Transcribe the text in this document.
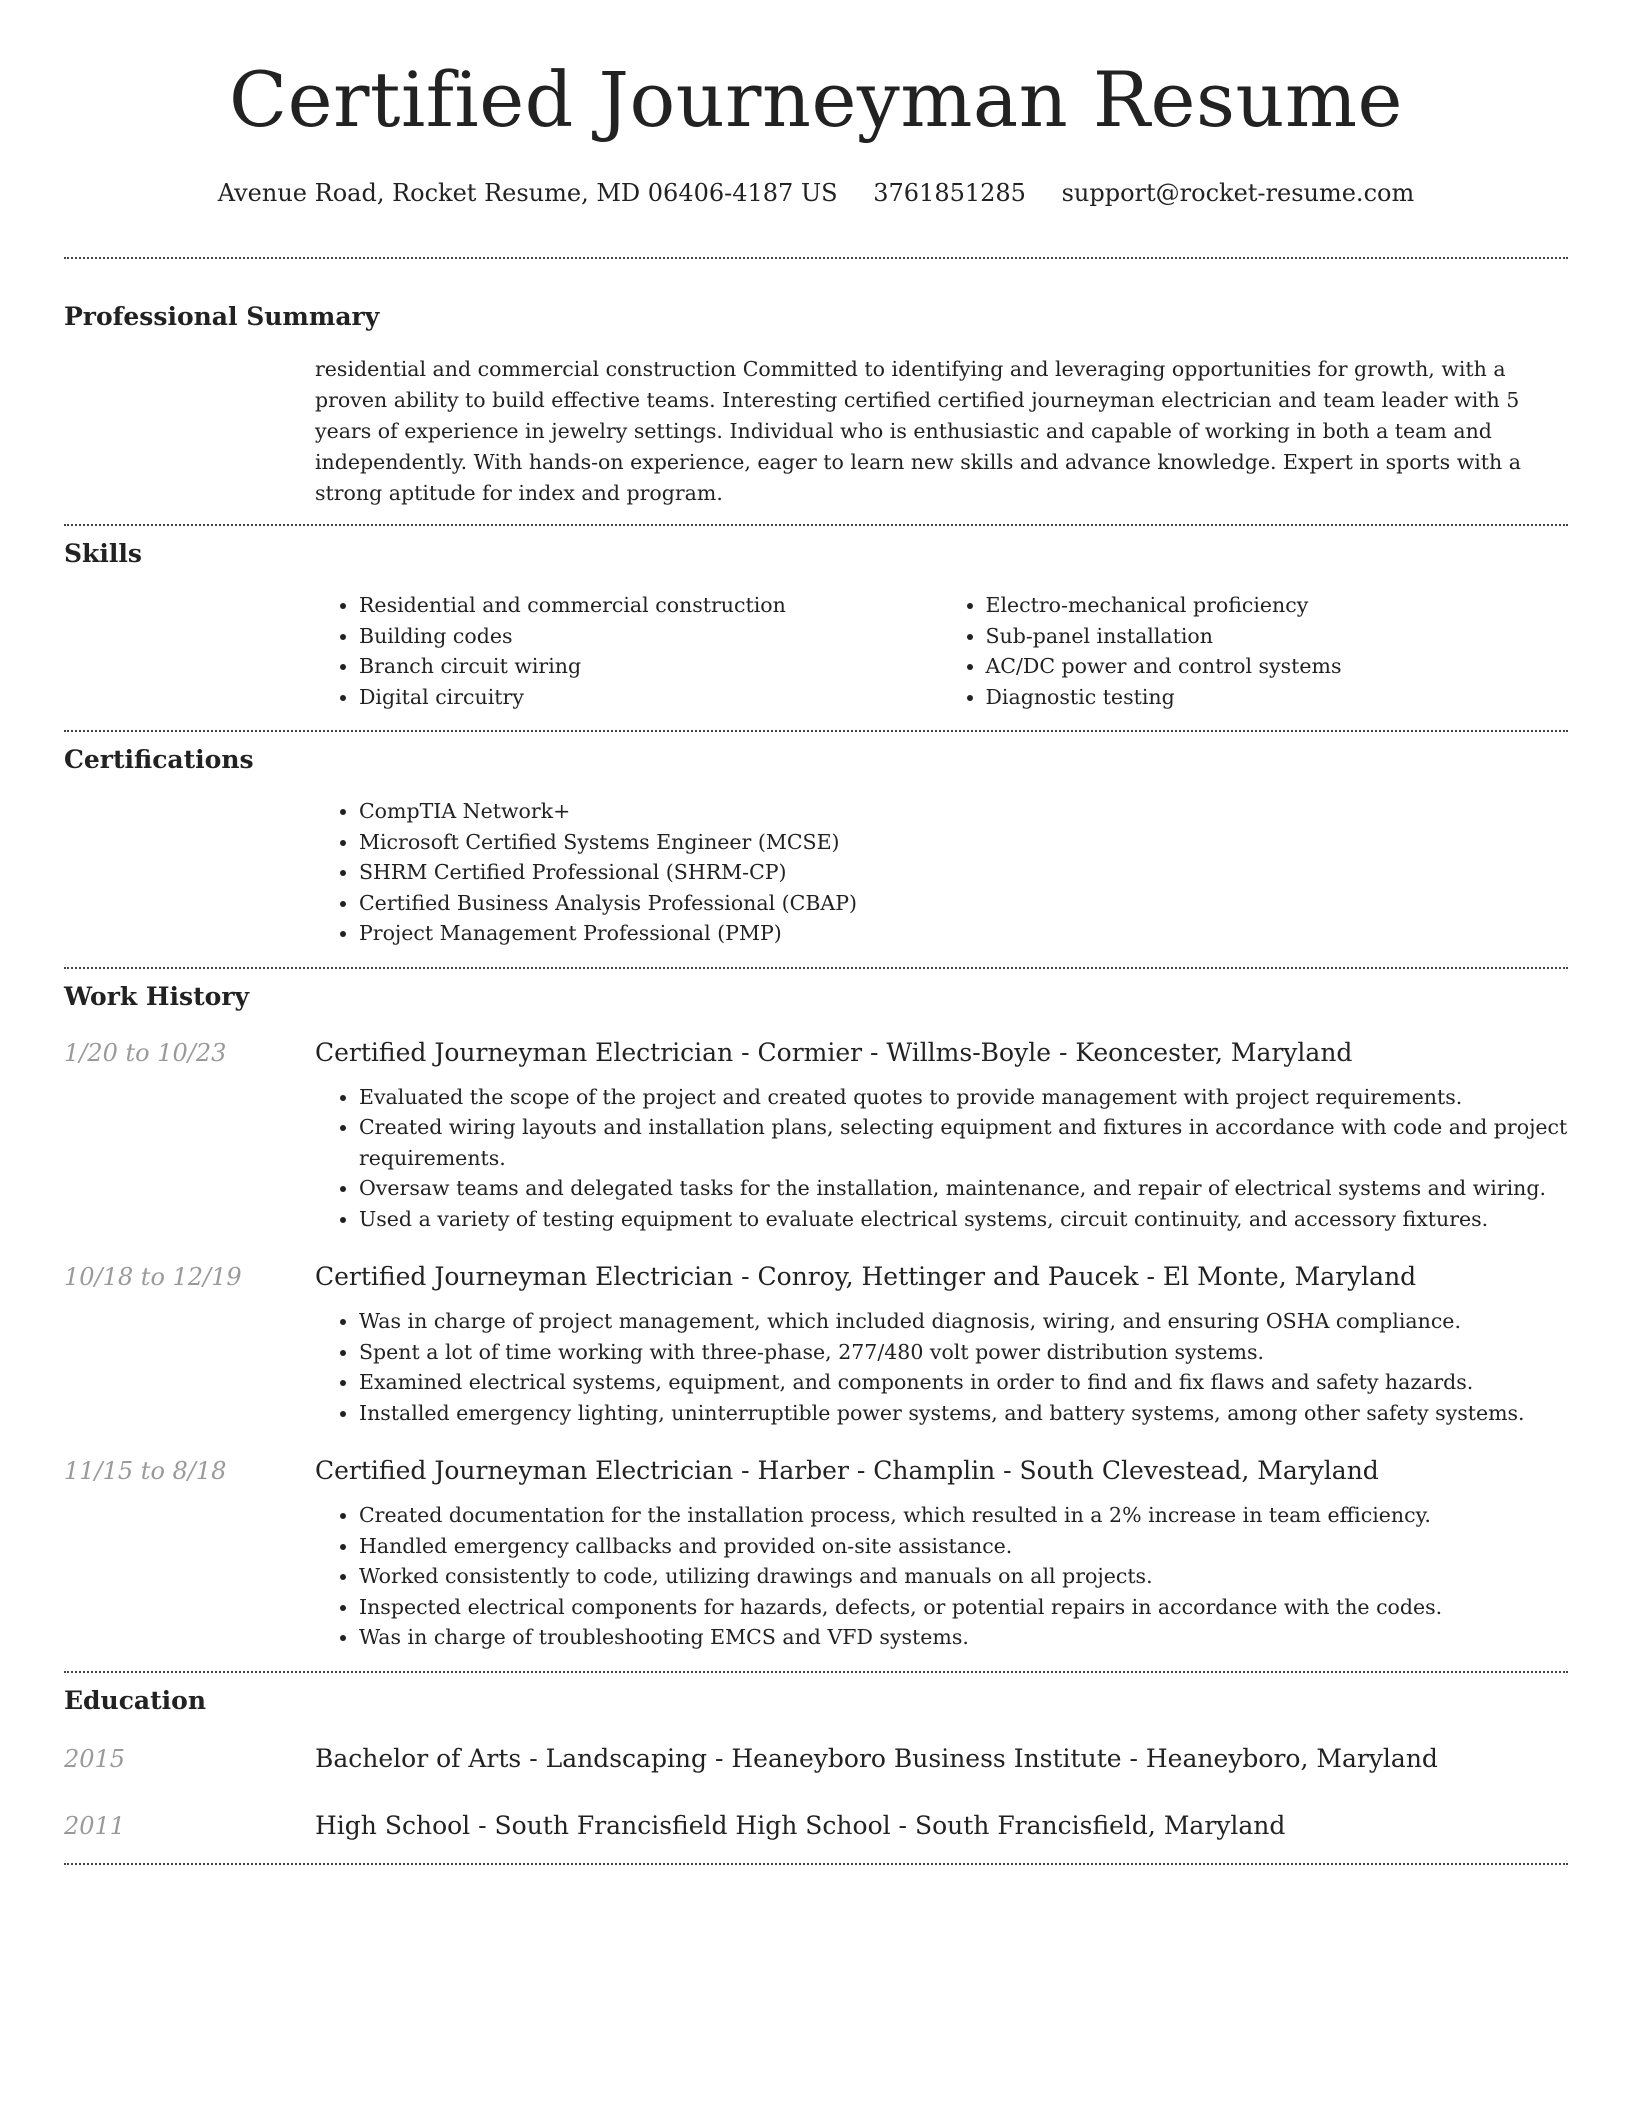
Certified Journeyman Resume
Avenue Road, Rocket Resume, MD 06406-4187 US 3761851285 support@rocket-resume.com
Professional Summary
residential and commercial construction Committed to identifying and leveraging opportunities for growth, with a proven ability to build effective teams. Interesting certified certified journeyman electrician and team leader with 5 years of experience in jewelry settings. Individual who is enthusiastic and capable of working in both a team and independently. With hands-on experience, eager to learn new skills and advance knowledge. Expert in sports with a strong aptitude for index and program.
Skills
• Residential and commercial construction
• Building codes
• Branch circuit wiring
• Digital circuitry
• Electro-mechanical proficiency
• Sub-panel installation
• AC/DC power and control systems
• Diagnostic testing
Certifications
• CompTIA Network+
• Microsoft Certified Systems Engineer (MCSE)
• SHRM Certified Professional (SHRM-CP)
• Certified Business Analysis Professional (CBAP)
• Project Management Professional (PMP)
Work History
1/20 to 10/23	Certified Journeyman Electrician - Cormier - Willms-Boyle - Keoncester, Maryland
• Evaluated the scope of the project and created quotes to provide management with project requirements.
• Created wiring layouts and installation plans, selecting equipment and fixtures in accordance with code and project requirements.
• Oversaw teams and delegated tasks for the installation, maintenance, and repair of electrical systems and wiring.
• Used a variety of testing equipment to evaluate electrical systems, circuit continuity, and accessory fixtures.
10/18 to 12/19	Certified Journeyman Electrician - Conroy, Hettinger and Paucek - El Monte, Maryland
• Was in charge of project management, which included diagnosis, wiring, and ensuring OSHA compliance.
• Spent a lot of time working with three-phase, 277/480 volt power distribution systems.
• Examined electrical systems, equipment, and components in order to find and fix flaws and safety hazards.
• Installed emergency lighting, uninterruptible power systems, and battery systems, among other safety systems.
11/15 to 8/18	Certified Journeyman Electrician - Harber - Champlin - South Clevestead, Maryland
• Created documentation for the installation process, which resulted in a 2% increase in team efficiency.
• Handled emergency callbacks and provided on-site assistance.
• Worked consistently to code, utilizing drawings and manuals on all projects.
• Inspected electrical components for hazards, defects, or potential repairs in accordance with the codes.
• Was in charge of troubleshooting EMCS and VFD systems.
Education
2015	Bachelor of Arts - Landscaping - Heaneyboro Business Institute - Heaneyboro, Maryland
2011	High School - South Francisfield High School - South Francisfield, Maryland
